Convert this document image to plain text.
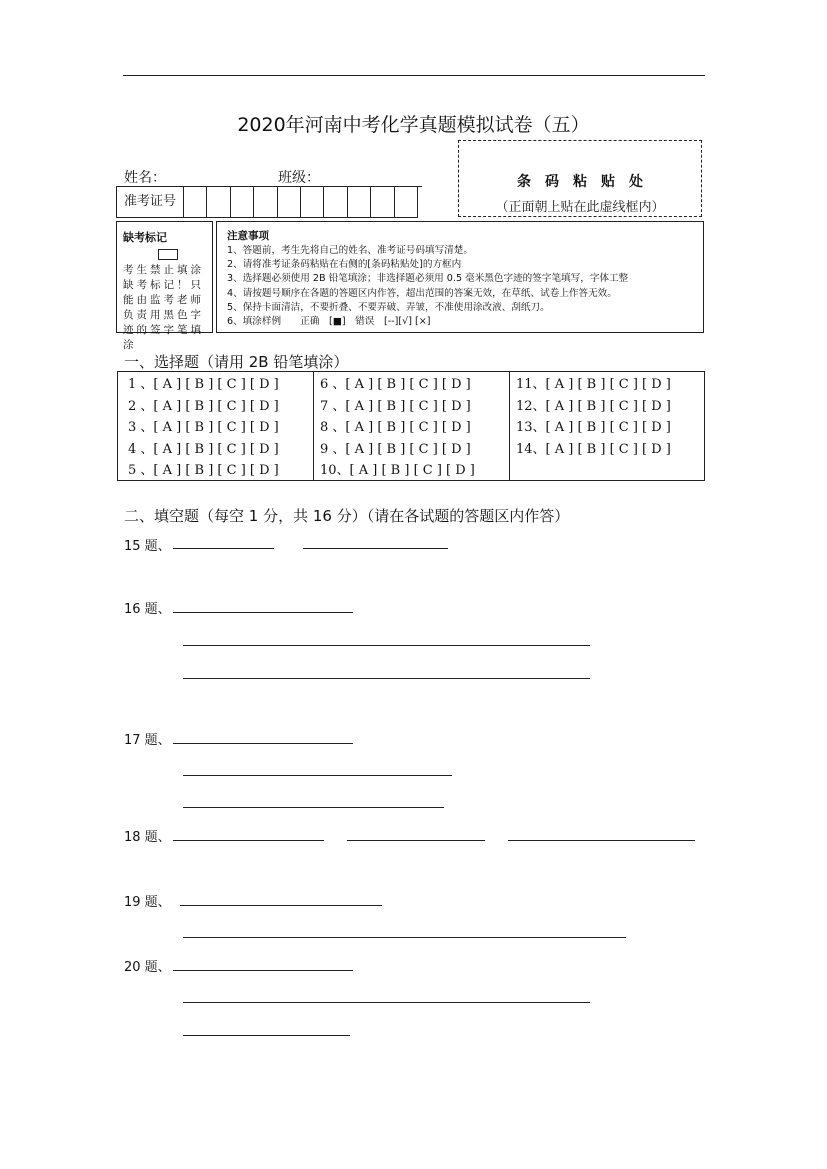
2020年河南中考化学真题模拟试卷（五）
条码粘贴处
（正面朝上贴在此虚线框内）
姓名：	班级：
准考证号
缺考标记
考生禁止填涂缺考标记！只能由监考老师负责用黑色字迹的签字笔填涂
注意事项
1、答题前，考生先将自己的姓名、准考证号码填写清楚。
2、请将准考证条码粘贴在右侧的[条码粘贴处]的方框内
3、选择题必须使用 2B 铅笔填涂；非选择题必须用 0.5 毫米黑色字迹的签字笔填写，字体工整
4、请按题号顺序在各题的答题区内作答，超出范围的答案无效，在草纸、试卷上作答无效。
5、保持卡面清洁，不要折叠、不要弄破、弄皱，不准使用涂改液、刮纸刀。
6、填涂样例　　正确　[■]　错误　[--][√] [×]
一、选择题（请用 2B 铅笔填涂）
1 、[ A ] [ B ] [ C ] [ D ]
2 、[ A ] [ B ] [ C ] [ D ]
3 、[ A ] [ B ] [ C ] [ D ]
4 、[ A ] [ B ] [ C ] [ D ]
5 、[ A ] [ B ] [ C ] [ D ]
6 、[ A ] [ B ] [ C ] [ D ]
7 、[ A ] [ B ] [ C ] [ D ]
8 、[ A ] [ B ] [ C ] [ D ]
9 、[ A ] [ B ] [ C ] [ D ]
10、[ A ] [ B ] [ C ] [ D ]
11、[ A ] [ B ] [ C ] [ D ]
12、[ A ] [ B ] [ C ] [ D ]
13、[ A ] [ B ] [ C ] [ D ]
14、[ A ] [ B ] [ C ] [ D ]
二、填空题（每空 1 分，共 16 分）（请在各试题的答题区内作答）
15 题、
16 题、
17 题、
18 题、
19 题、
20 题、
